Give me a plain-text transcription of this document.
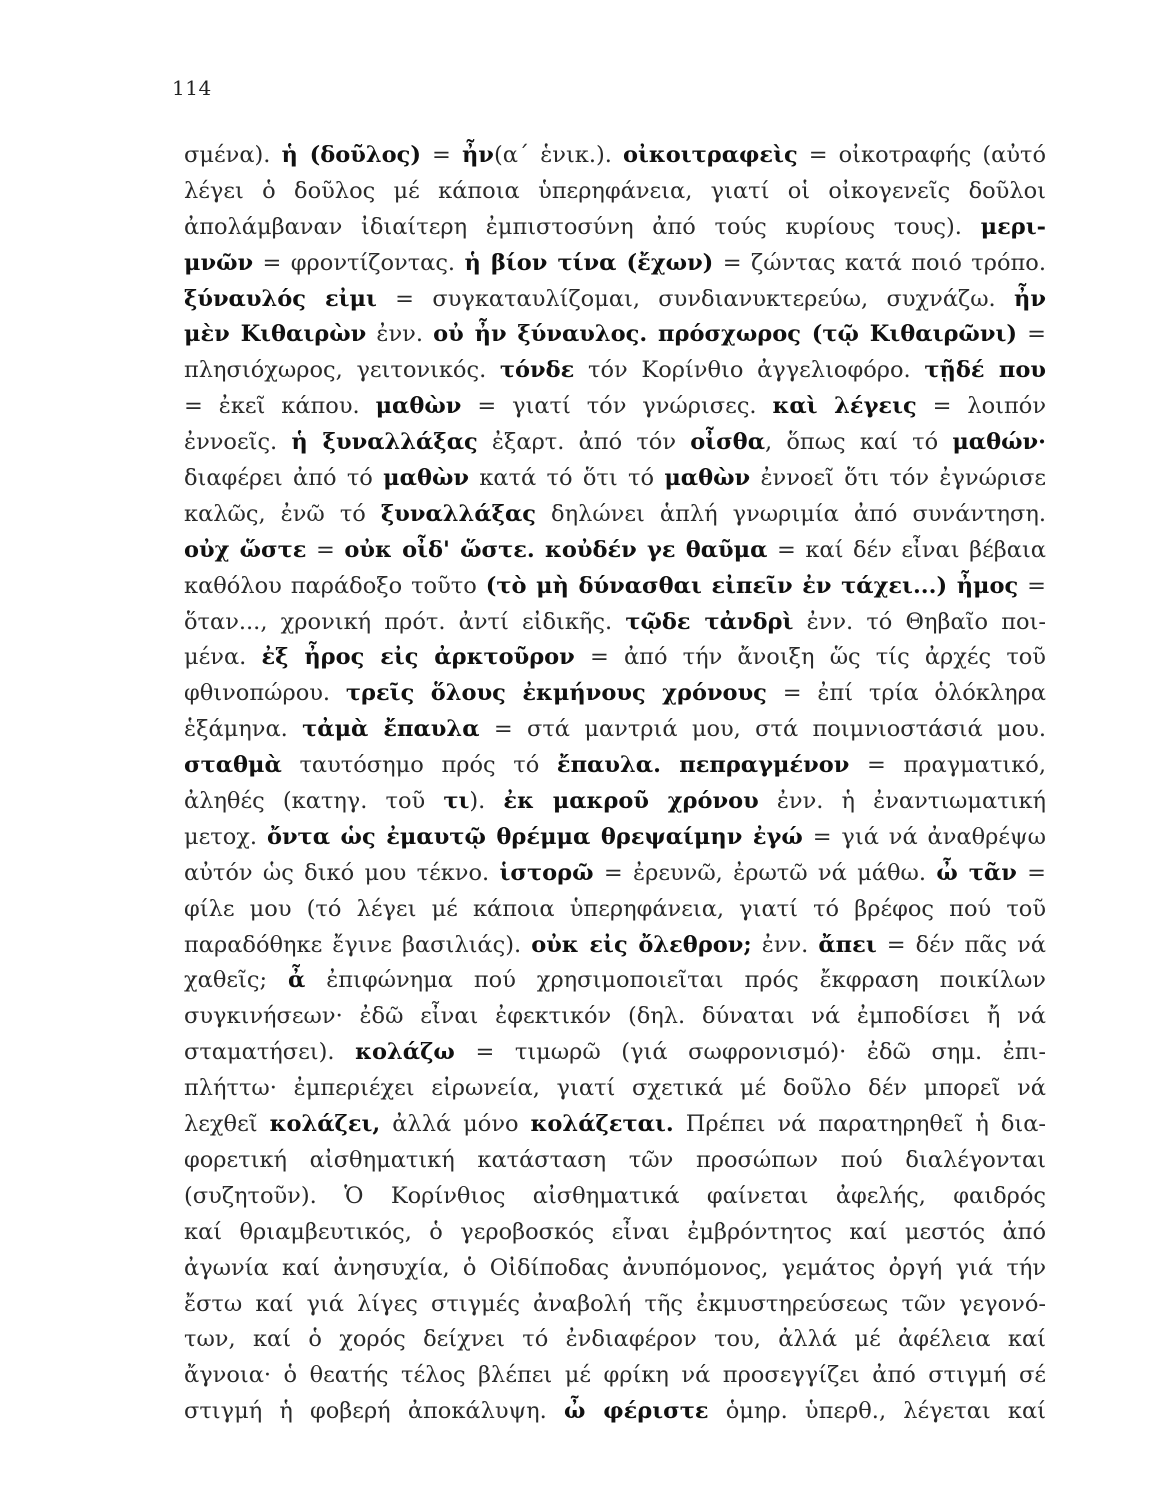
114
σμένα). ἡ (δοῦλος) = ἦν(α΄ ἑνικ.). οἰκοιτραφεὶς = οἰκοτραφής (αὐτό
λέγει ὁ δοῦλος μέ κάποια ὑπερηφάνεια, γιατί οἱ οἰκογενεῖς δοῦλοι
ἀπολάμβαναν ἰδιαίτερη ἐμπιστοσύνη ἀπό τούς κυρίους τους). μερι-
μνῶν = φροντίζοντας. ἡ βίον τίνα (ἔχων) = ζώντας κατά ποιό τρόπο.
ξύναυλός εἰμι = συγκαταυλίζομαι, συνδιανυκτερεύω, συχνάζω. ἦν
μὲν Κιθαιρὼν ἐνν. οὐ ἦν ξύναυλος. πρόσχωρος (τῷ Κιθαιρῶνι) =
πλησιόχωρος, γειτονικός. τόνδε τόν Κορίνθιο ἀγγελιοφόρο. τῇδέ που
= ἐκεῖ κάπου. μαθὼν = γιατί τόν γνώρισες. καὶ λέγεις = λοιπόν
ἐννοεῖς. ἡ ξυναλλάξας ἐξαρτ. ἀπό τόν οἶσθα, ὅπως καί τό μαθών·
διαφέρει ἀπό τό μαθὼν κατά τό ὅτι τό μαθὼν ἐννοεῖ ὅτι τόν ἐγνώρισε
καλῶς, ἐνῶ τό ξυναλλάξας δηλώνει ἁπλή γνωριμία ἀπό συνάντηση.
οὐχ ὥστε = οὐκ οἶδ' ὥστε. κοὐδέν γε θαῦμα = καί δέν εἶναι βέβαια
καθόλου παράδοξο τοῦτο (τὸ μὴ δύνασθαι εἰπεῖν ἐν τάχει...) ἦμος =
ὅταν..., χρονική πρότ. ἀντί εἰδικῆς. τῷδε τἀνδρὶ ἐνν. τό Θηβαῖο ποι-
μένα. ἐξ ἦρος εἰς ἀρκτοῦρον = ἀπό τήν ἄνοιξη ὥς τίς ἀρχές τοῦ
φθινοπώρου. τρεῖς ὅλους ἐκμήνους χρόνους = ἐπί τρία ὁλόκληρα
ἑξάμηνα. τἀμὰ ἔπαυλα = στά μαντριά μου, στά ποιμνιοστάσιά μου.
σταθμὰ ταυτόσημο πρός τό ἔπαυλα. πεπραγμένον = πραγματικό,
ἀληθές (κατηγ. τοῦ τι). ἐκ μακροῦ χρόνου ἐνν. ἡ ἐναντιωματική
μετοχ. ὄντα ὡς ἐμαυτῷ θρέμμα θρεψαίμην ἐγώ = γιά νά ἀναθρέψω
αὐτόν ὡς δικό μου τέκνο. ἱστορῶ = ἐρευνῶ, ἐρωτῶ νά μάθω. ὦ τᾶν =
φίλε μου (τό λέγει μέ κάποια ὑπερηφάνεια, γιατί τό βρέφος πού τοῦ
παραδόθηκε ἔγινε βασιλιάς). οὐκ εἰς ὄλεθρον; ἐνν. ἄπει = δέν πᾶς νά
χαθεῖς; ἆ ἐπιφώνημα πού χρησιμοποιεῖται πρός ἔκφραση ποικίλων
συγκινήσεων· ἐδῶ εἶναι ἐφεκτικόν (δηλ. δύναται νά ἐμποδίσει ἤ νά
σταματήσει). κολάζω = τιμωρῶ (γιά σωφρονισμό)· ἐδῶ σημ. ἐπι-
πλήττω· ἐμπεριέχει εἰρωνεία, γιατί σχετικά μέ δοῦλο δέν μπορεῖ νά
λεχθεῖ κολάζει, ἀλλά μόνο κολάζεται. Πρέπει νά παρατηρηθεῖ ἡ δια-
φορετική αἰσθηματική κατάσταση τῶν προσώπων πού διαλέγονται
(συζητοῦν). Ὁ Κορίνθιος αἰσθηματικά φαίνεται ἀφελής, φαιδρός
καί θριαμβευτικός, ὁ γεροβοσκός εἶναι ἐμβρόντητος καί μεστός ἀπό
ἀγωνία καί ἀνησυχία, ὁ Οἰδίποδας ἀνυπόμονος, γεμάτος ὀργή γιά τήν
ἔστω καί γιά λίγες στιγμές ἀναβολή τῆς ἐκμυστηρεύσεως τῶν γεγονό-
των, καί ὁ χορός δείχνει τό ἐνδιαφέρον του, ἀλλά μέ ἀφέλεια καί
ἄγνοια· ὁ θεατής τέλος βλέπει μέ φρίκη νά προσεγγίζει ἀπό στιγμή σέ
στιγμή ἡ φοβερή ἀποκάλυψη. ὦ φέριστε ὁμηρ. ὑπερθ., λέγεται καί
